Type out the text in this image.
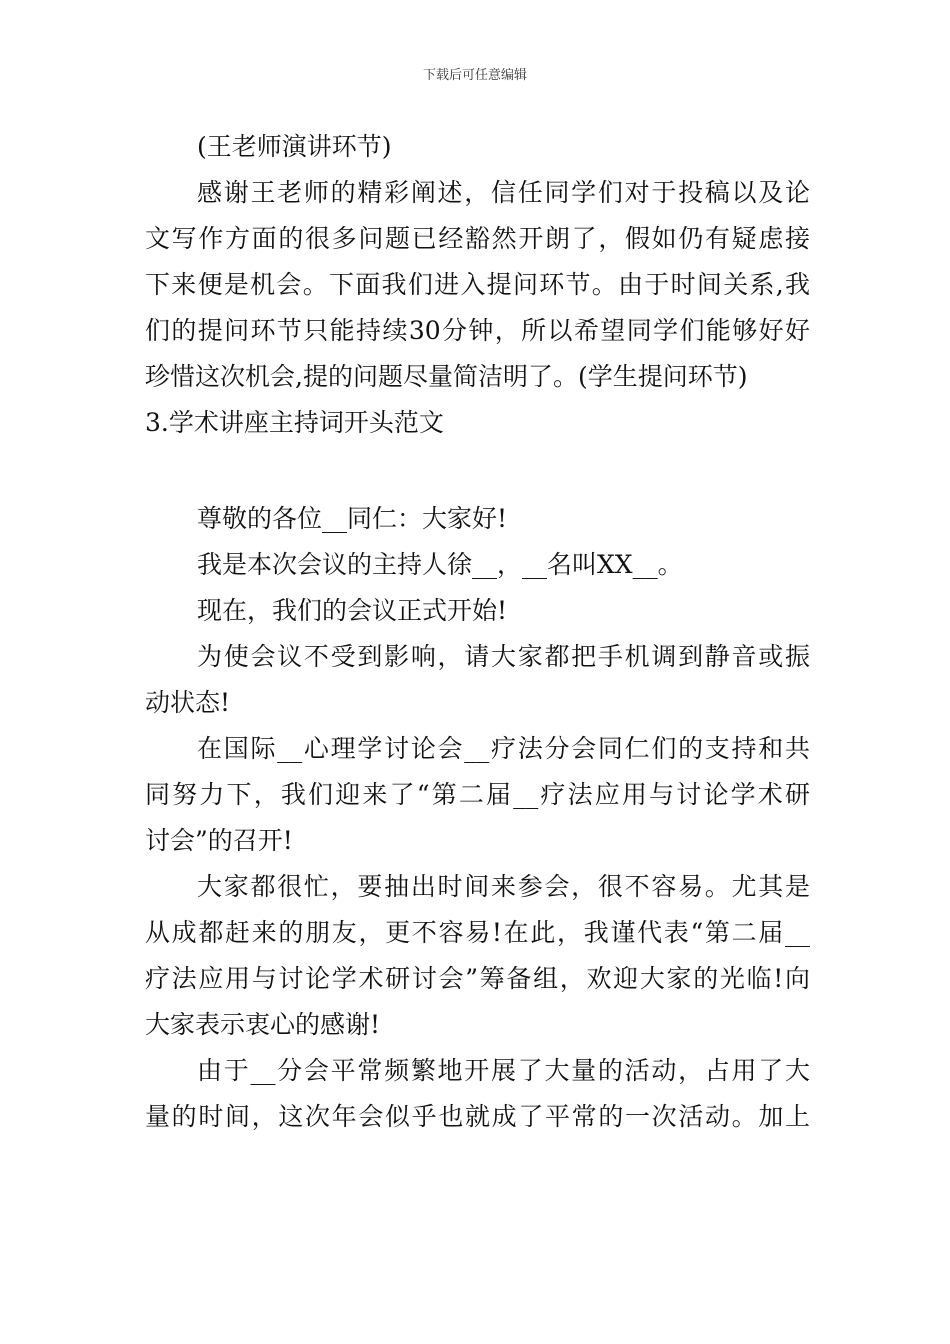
下载后可任意编辑
(王老师演讲环节)
感谢王老师的精彩阐述，信任同学们对于投稿以及论
文写作方面的很多问题已经豁然开朗了，假如仍有疑虑接
下来便是机会。下面我们进入提问环节。由于时间关系,我
们的提问环节只能持续30分钟，所以希望同学们能够好好
珍惜这次机会,提的问题尽量简洁明了。(学生提问环节)
3.学术讲座主持词开头范文
尊敬的各位__同仁：大家好!
我是本次会议的主持人徐__，__名叫XX__。
现在，我们的会议正式开始!
为使会议不受到影响，请大家都把手机调到静音或振
动状态!
在国际__心理学讨论会__疗法分会同仁们的支持和共
同努力下，我们迎来了“第二届__疗法应用与讨论学术研
讨会”的召开!
大家都很忙，要抽出时间来参会，很不容易。尤其是
从成都赶来的朋友，更不容易!在此，我谨代表“第二届__
疗法应用与讨论学术研讨会”筹备组，欢迎大家的光临!向
大家表示衷心的感谢!
由于__分会平常频繁地开展了大量的活动，占用了大
量的时间，这次年会似乎也就成了平常的一次活动。加上
